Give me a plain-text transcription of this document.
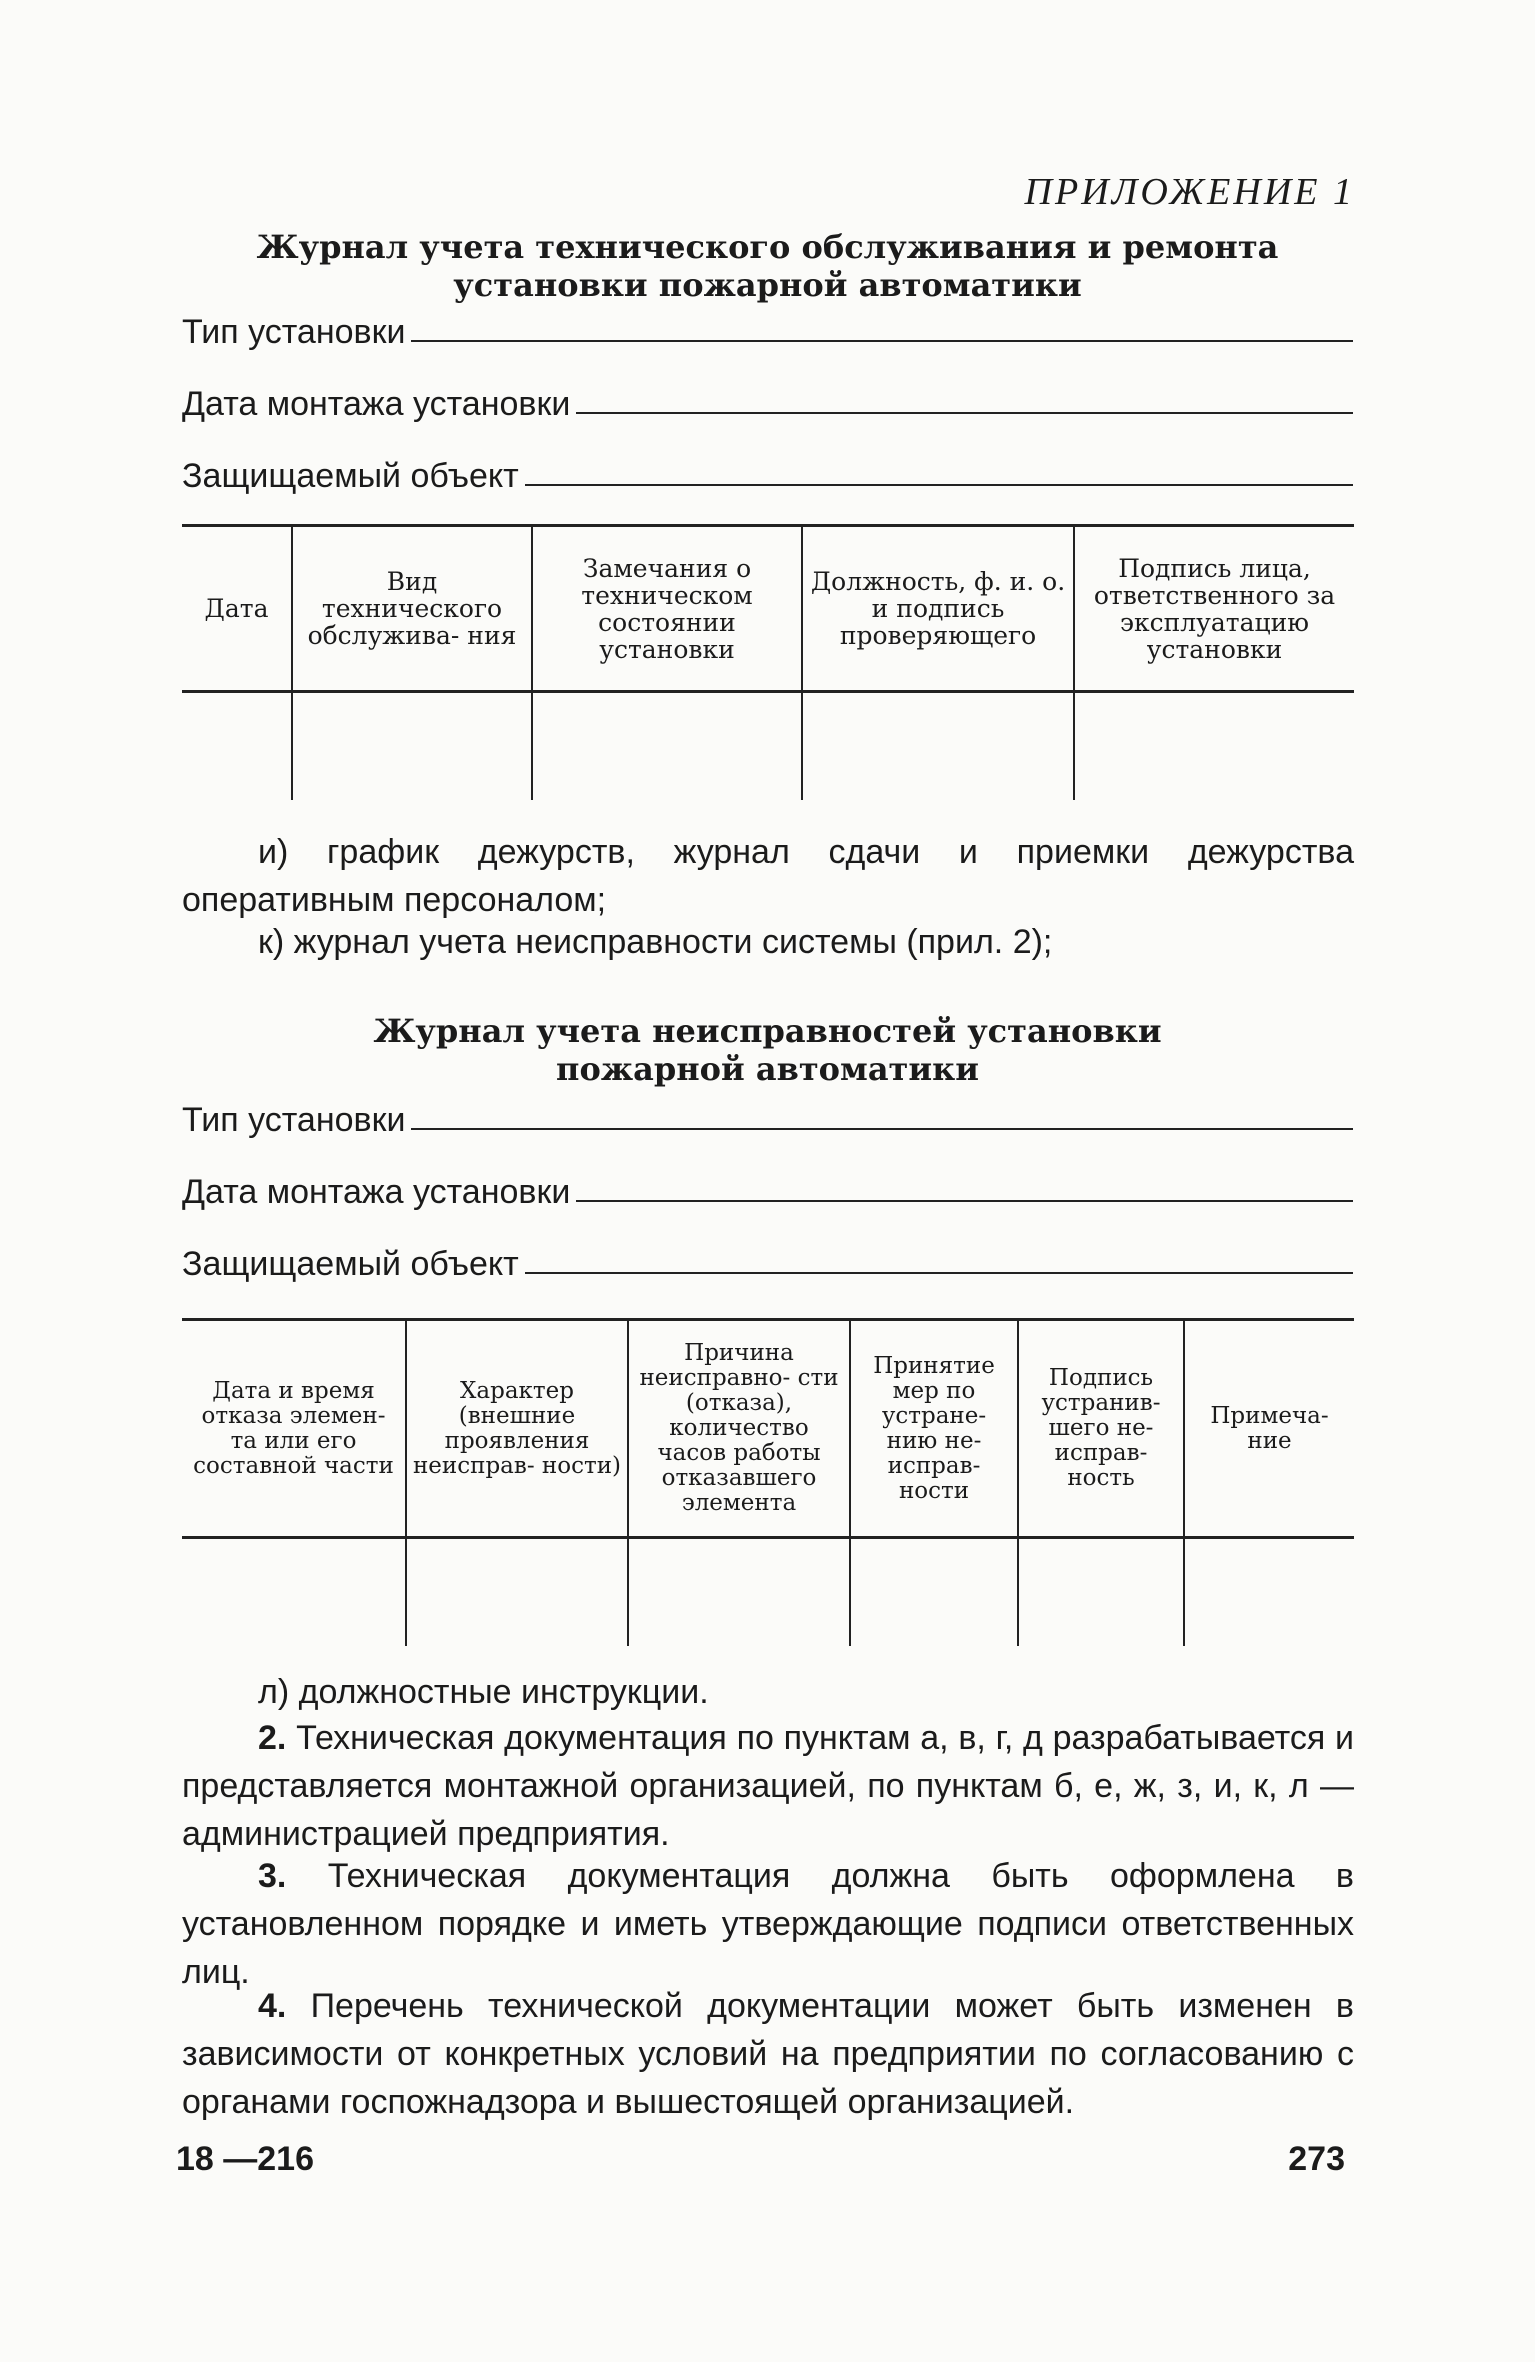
ПРИЛОЖЕНИЕ 1
Журнал учета технического обслуживания и ремонта
установки пожарной автоматики
Тип установки
Дата монтажа установки
Защищаемый объект
Дата	Вид технического обслужива- ния	Замечания о техническом состоянии установки	Должность, ф. и. о. и подпись проверяющего	Подпись лица, ответственного за эксплуатацию установки

и) график дежурств, журнал сдачи и приемки дежурства оперативным персоналом;
к) журнал учета неисправности системы (прил. 2);
Журнал учета неисправностей установки
пожарной автоматики
Тип установки
Дата монтажа установки
Защищаемый объект
Дата и время отказа элемен- та или его составной части	Характер (внешние проявления неисправ- ности)	Причина неисправно- сти (отказа), количество часов работы отказавшего элемента	Принятие мер по устране- нию не- исправ- ности	Подпись устранив- шего не- исправ- ность	Примеча- ние

л) должностные инструкции.
2. Техническая документация по пунктам а, в, г, д разрабатывается и представляется монтажной организацией, по пунктам б, е, ж, з, и, к, л — администрацией предприятия.
3. Техническая документация должна быть оформлена в установленном порядке и иметь утверждающие подписи ответственных лиц.
4. Перечень технической документации может быть изменен в зависимости от конкретных условий на предприятии по согласованию с органами госпожнадзора и вышестоящей организацией.
18 —216	273
